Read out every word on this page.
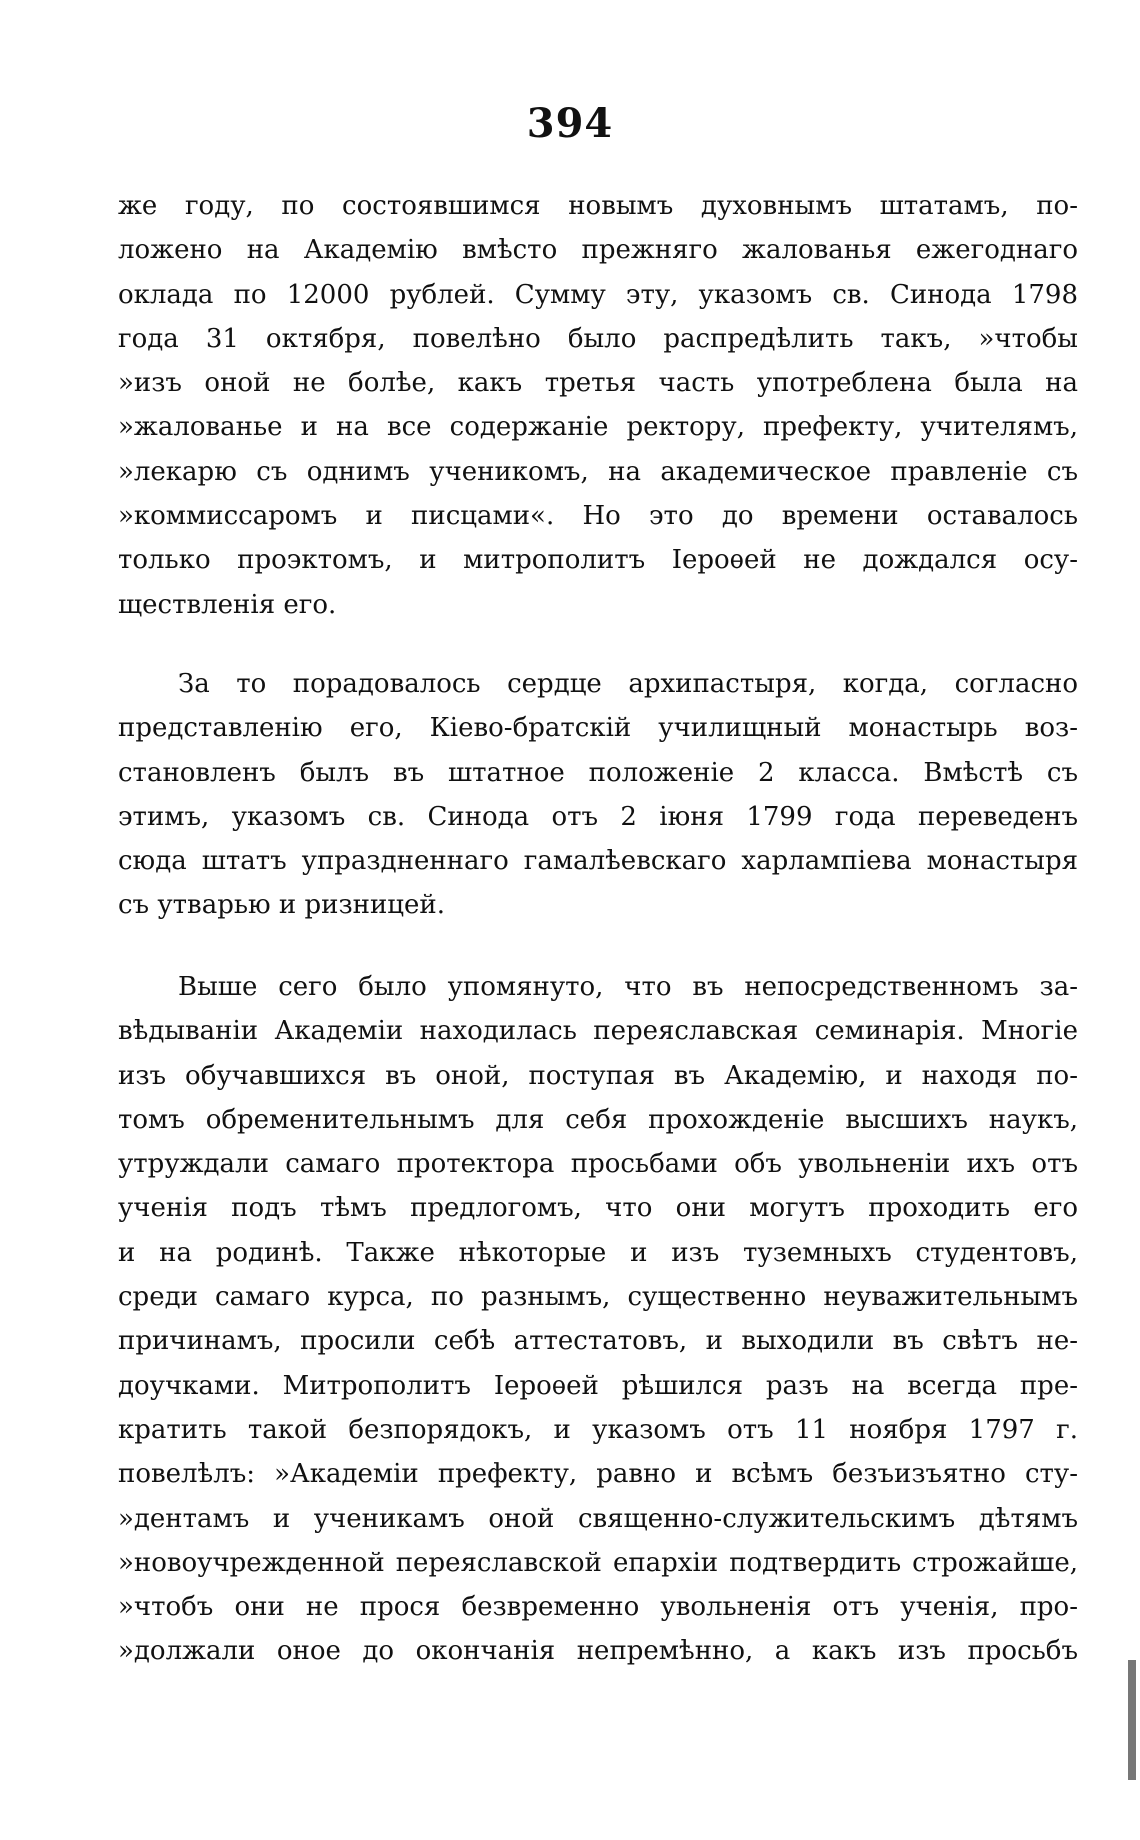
394
же году, по состоявшимся новымъ духовнымъ штатамъ, по-
ложено на Академію вмѣсто прежняго жалованья ежегоднаго
оклада по 12000 рублей. Сумму эту, указомъ св. Синода 1798
года 31 октября, повелѣно было распредѣлить такъ, »чтобы
»изъ оной не болѣе, какъ третья часть употреблена была на
»жалованье и на все содержаніе ректору, префекту, учителямъ,
»лекарю съ однимъ ученикомъ, на академическое правленіе съ
»коммиссаромъ и писцами«. Но это до времени оставалось
только проэктомъ, и митрополитъ Іероѳей не дождался осу-
ществленія его.
За то порадовалось сердце архипастыря, когда, согласно
представленію его, Кіево-братскій училищный монастырь воз-
становленъ былъ въ штатное положеніе 2 класса. Вмѣстѣ съ
этимъ, указомъ св. Синода отъ 2 іюня 1799 года переведенъ
сюда штатъ упраздненнаго гамалѣевскаго харлампіева монастыря
съ утварью и ризницей.
Выше сего было упомянуто, что въ непосредственномъ за-
вѣдываніи Академіи находилась переяславская семинарія. Многіе
изъ обучавшихся въ оной, поступая въ Академію, и находя по-
томъ обременительнымъ для себя прохожденіе высшихъ наукъ,
утруждали самаго протектора просьбами объ увольненіи ихъ отъ
ученія подъ тѣмъ предлогомъ, что они могутъ проходить его
и на родинѣ. Также нѣкоторые и изъ туземныхъ студентовъ,
среди самаго курса, по разнымъ, существенно неуважительнымъ
причинамъ, просили себѣ аттестатовъ, и выходили въ свѣтъ не-
доучками. Митрополитъ Іероѳей рѣшился разъ на всегда пре-
кратить такой безпорядокъ, и указомъ отъ 11 ноября 1797 г.
повелѣлъ: »Академіи префекту, равно и всѣмъ безъизъятно сту-
»дентамъ и ученикамъ оной священно-служительскимъ дѣтямъ
»новоучрежденной переяславской епархіи подтвердить строжайше,
»чтобъ они не прося безвременно увольненія отъ ученія, про-
»должали оное до окончанія непремѣнно, а какъ изъ просьбъ
